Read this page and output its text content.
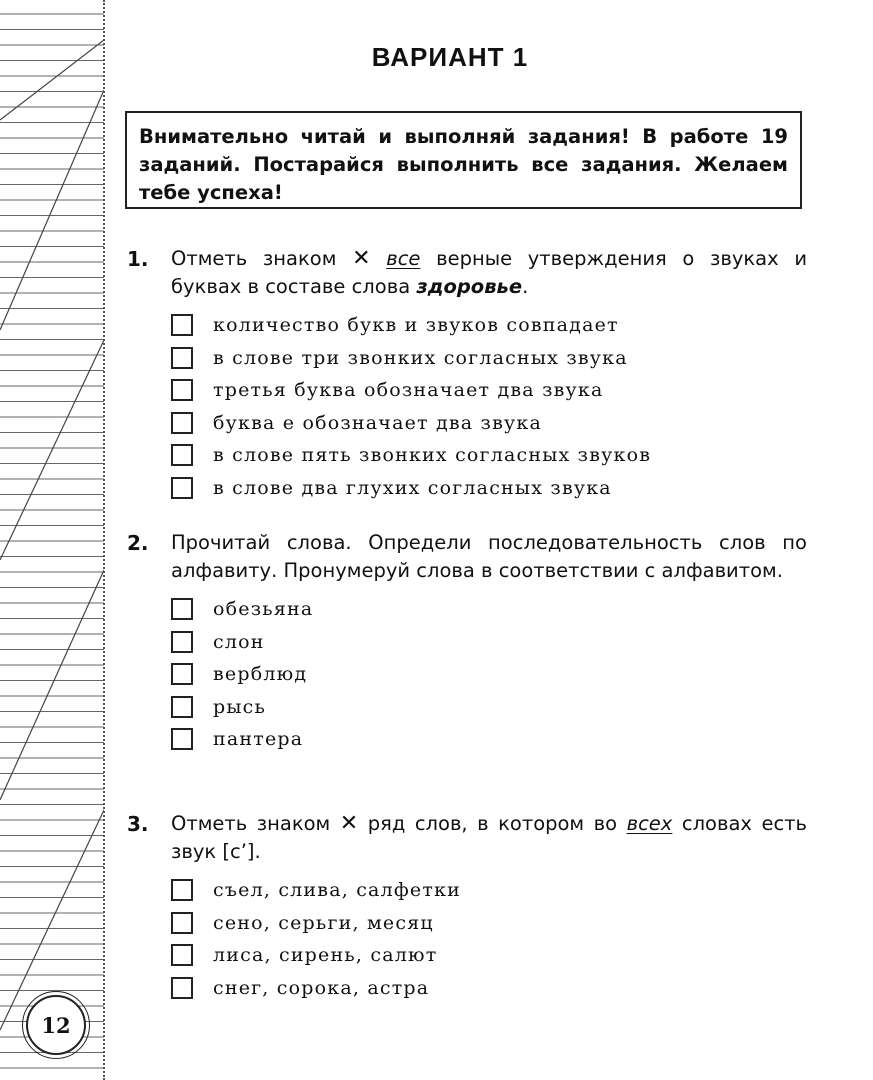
12
ВАРИАНТ 1
Внимательно читай и выполняй задания! В работе 19 заданий. Постарайся выполнить все задания. Желаем тебе успеха!
1.	Отметь знаком ✕ все верные утверждения о звуках и буквах в составе слова здоровье.
количество букв и звуков совпадает
в слове три звонких согласных звука
третья буква обозначает два звука
буква е обозначает два звука
в слове пять звонких согласных звуков
в слове два глухих согласных звука
2.	Прочитай слова. Определи последовательность слов по алфавиту. Пронумеруй слова в соответствии с алфавитом.
обезьяна
слон
верблюд
рысь
пантера
3.	Отметь знаком ✕ ряд слов, в котором во всех словах есть звук [с’].
съел, слива, салфетки
сено, серьги, месяц
лиса, сирень, салют
снег, сорока, астра
